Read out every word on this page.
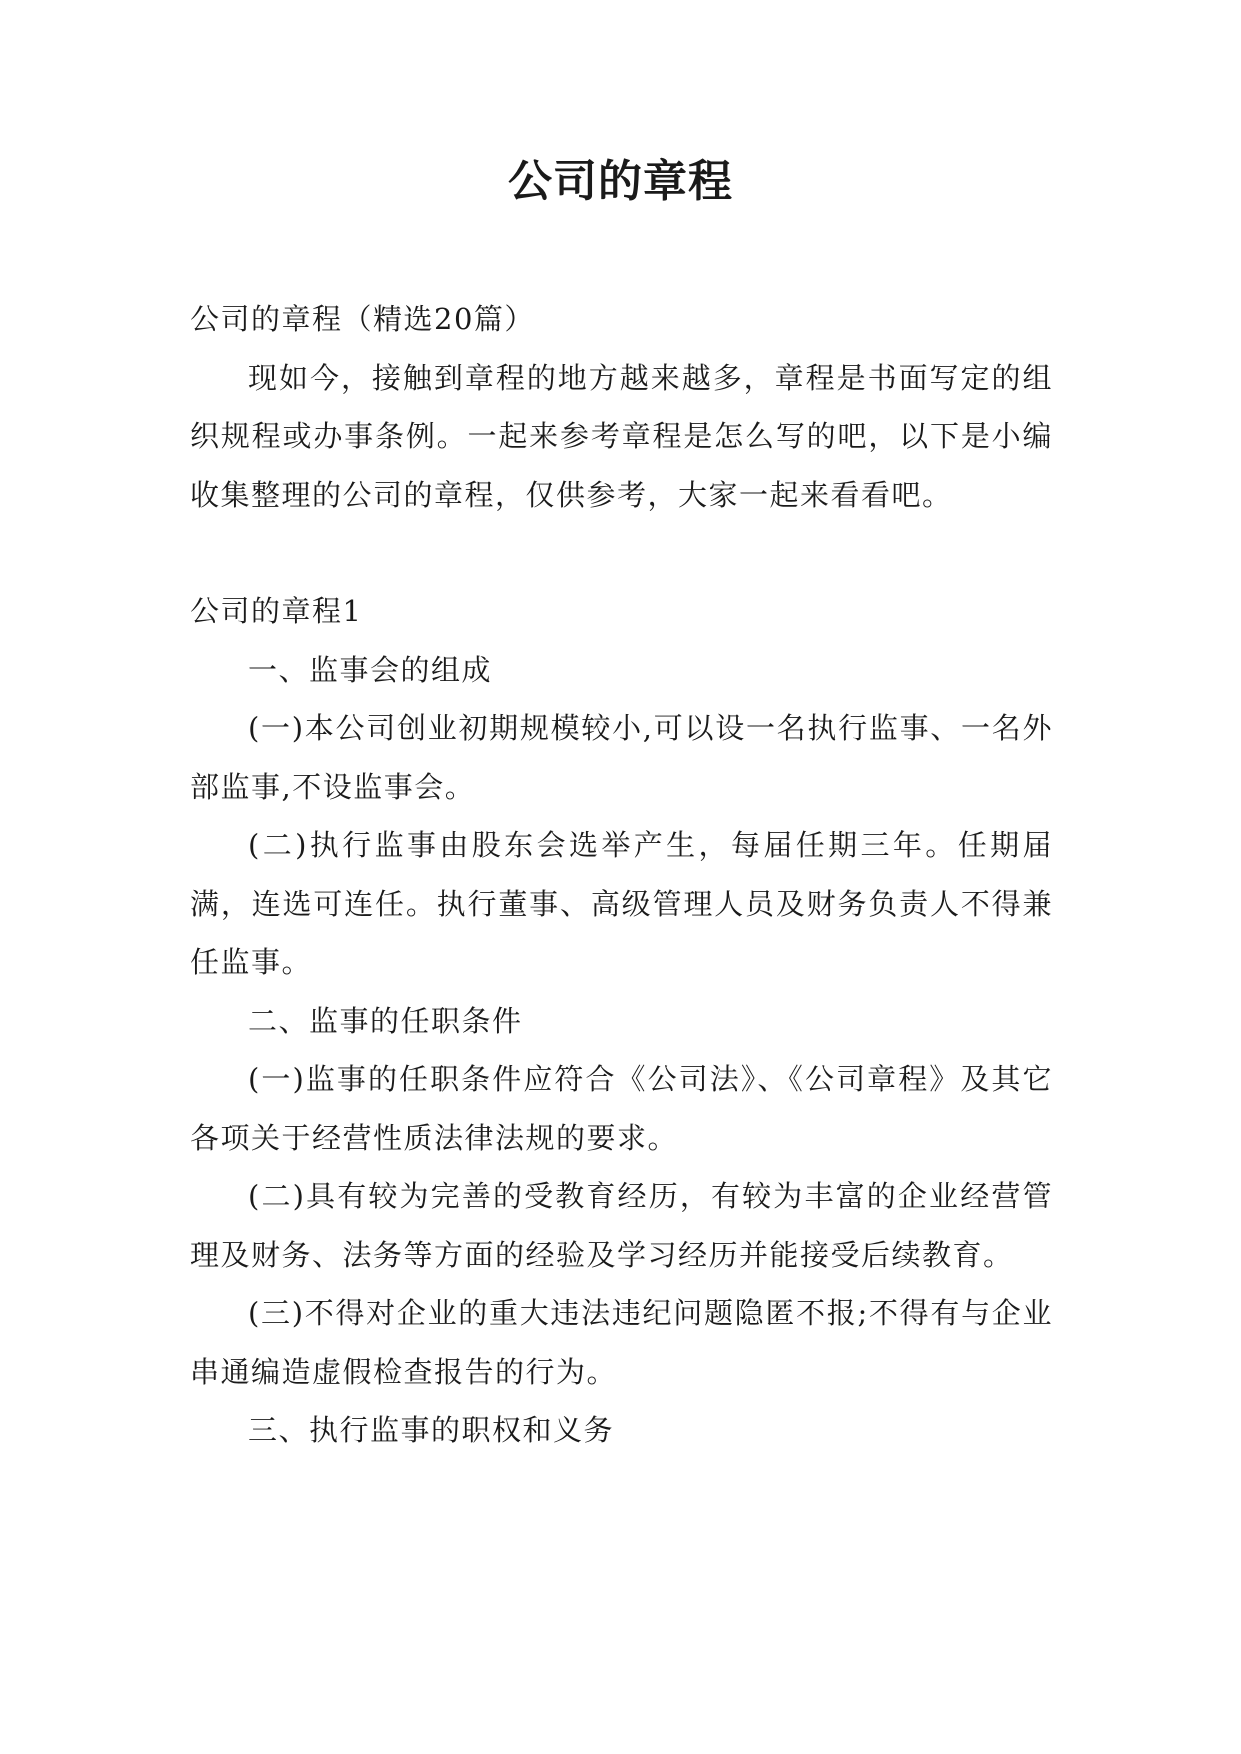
公司的章程

公司的章程（精选20篇）

现如今，接触到章程的地方越来越多，章程是书面写定的组织规程或办事条例。一起来参考章程是怎么写的吧，以下是小编收集整理的公司的章程，仅供参考，大家一起来看看吧。

公司的章程1

一、监事会的组成

(一)本公司创业初期规模较小,可以设一名执行监事、一名外部监事,不设监事会。

(二)执行监事由股东会选举产生，每届任期三年。任期届满，连选可连任。执行董事、高级管理人员及财务负责人不得兼任监事。

二、监事的任职条件

(一)监事的任职条件应符合《公司法》、《公司章程》及其它各项关于经营性质法律法规的要求。

(二)具有较为完善的受教育经历，有较为丰富的企业经营管理及财务、法务等方面的经验及学习经历并能接受后续教育。

(三)不得对企业的重大违法违纪问题隐匿不报;不得有与企业串通编造虚假检查报告的行为。

三、执行监事的职权和义务
